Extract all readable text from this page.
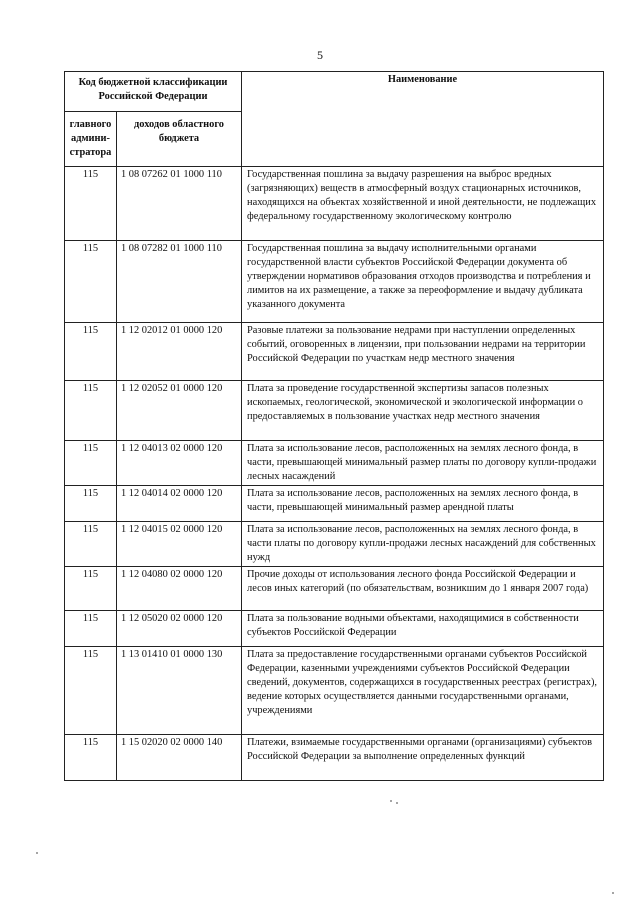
5
Код бюджетной классификации Российской Федерации		Наименование
главного админи-стратора	доходов областного бюджета	
115	1 08 07262 01 1000 110	Государственная пошлина за выдачу разрешения на выброс вредных (загрязняющих) веществ в атмосферный воздух стационарных источников, находящихся на объектах хозяйственной и иной деятельности, не подлежащих федеральному государственному экологическому контролю
115	1 08 07282 01 1000 110	Государственная пошлина за выдачу исполнительными органами государственной власти субъектов Российской Федерации документа об утверждении нормативов образования отходов производства и потребления и лимитов на их размещение, а также за переоформление и выдачу дубликата указанного документа
115	1 12 02012 01 0000 120	Разовые платежи за пользование недрами при наступлении определенных событий, оговоренных в лицензии, при пользовании недрами на территории Российской Федерации по участкам недр местного значения
115	1 12 02052 01 0000 120	Плата за проведение государственной экспертизы запасов полезных ископаемых, геологической, экономической и экологической информации о предоставляемых в пользование участках недр местного значения
115	1 12 04013 02 0000 120	Плата за использование лесов, расположенных на землях лесного фонда, в части, превышающей минимальный размер платы по договору купли-продажи лесных насаждений
115	1 12 04014 02 0000 120	Плата за использование лесов, расположенных на землях лесного фонда, в части, превышающей минимальный размер арендной платы
115	1 12 04015 02 0000 120	Плата за использование лесов, расположенных на землях лесного фонда, в части платы по договору купли-продажи лесных насаждений для собственных нужд
115	1 12 04080 02 0000 120	Прочие доходы от использования лесного фонда Российской Федерации и лесов иных категорий (по обязательствам, возникшим до 1 января 2007 года)
115	1 12 05020 02 0000 120	Плата за пользование водными объектами, находящимися в собственности субъектов Российской Федерации
115	1 13 01410 01 0000 130	Плата за предоставление государственными органами субъектов Российской Федерации, казенными учреждениями субъектов Российской Федерации сведений, документов, содержащихся в государственных реестрах (регистрах), ведение которых осуществляется данными государственными органами, учреждениями
115	1 15 02020 02 0000 140	Платежи, взимаемые государственными органами (организациями) субъектов Российской Федерации за выполнение определенных функций
